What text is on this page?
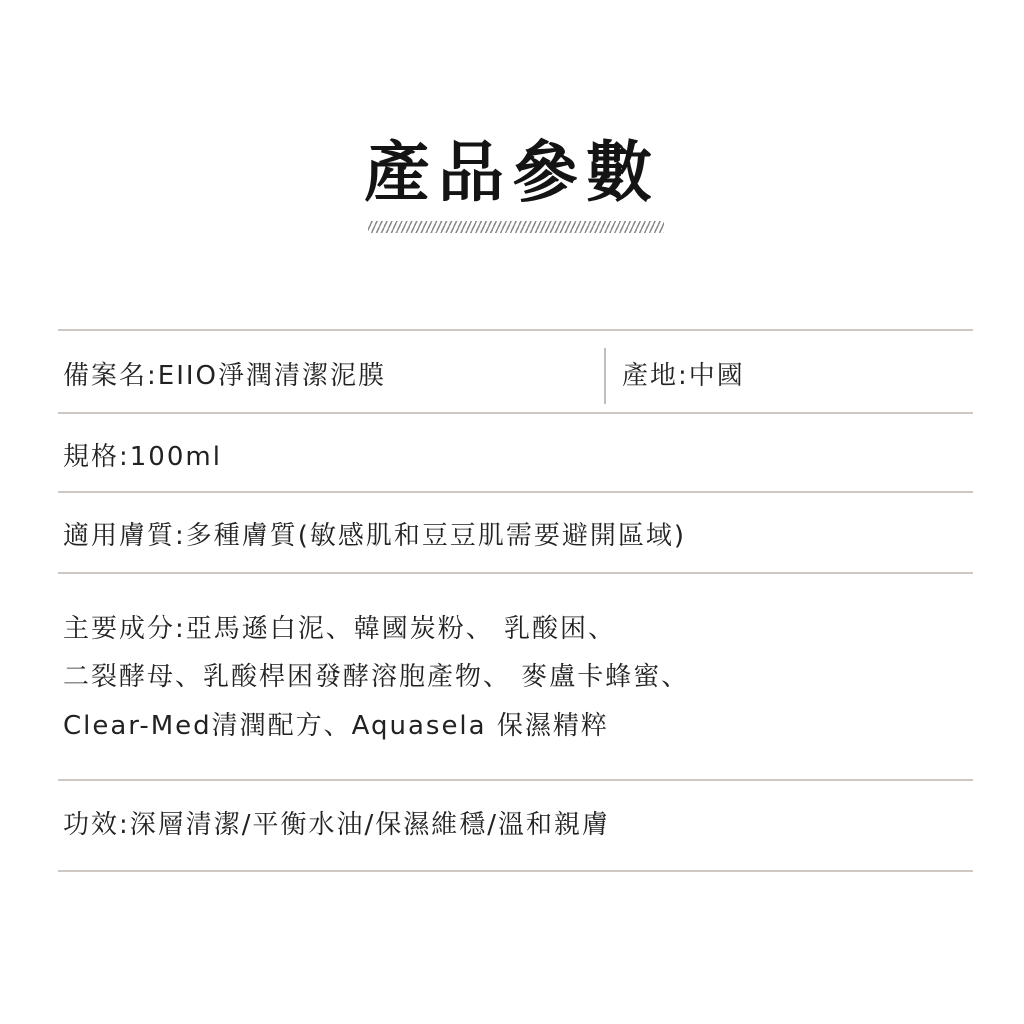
產品參數
備案名:EIIO淨潤清潔泥膜	產地:中國
規格:100ml
適用膚質:多種膚質(敏感肌和豆豆肌需要避開區域)
主要成分:亞馬遜白泥、韓國炭粉、 乳酸困、
二裂酵母、乳酸桿困發酵溶胞產物、 麥盧卡蜂蜜、
Clear-Med清潤配方、Aquasela 保濕精粹
功效:深層清潔/平衡水油/保濕維穩/溫和親膚
